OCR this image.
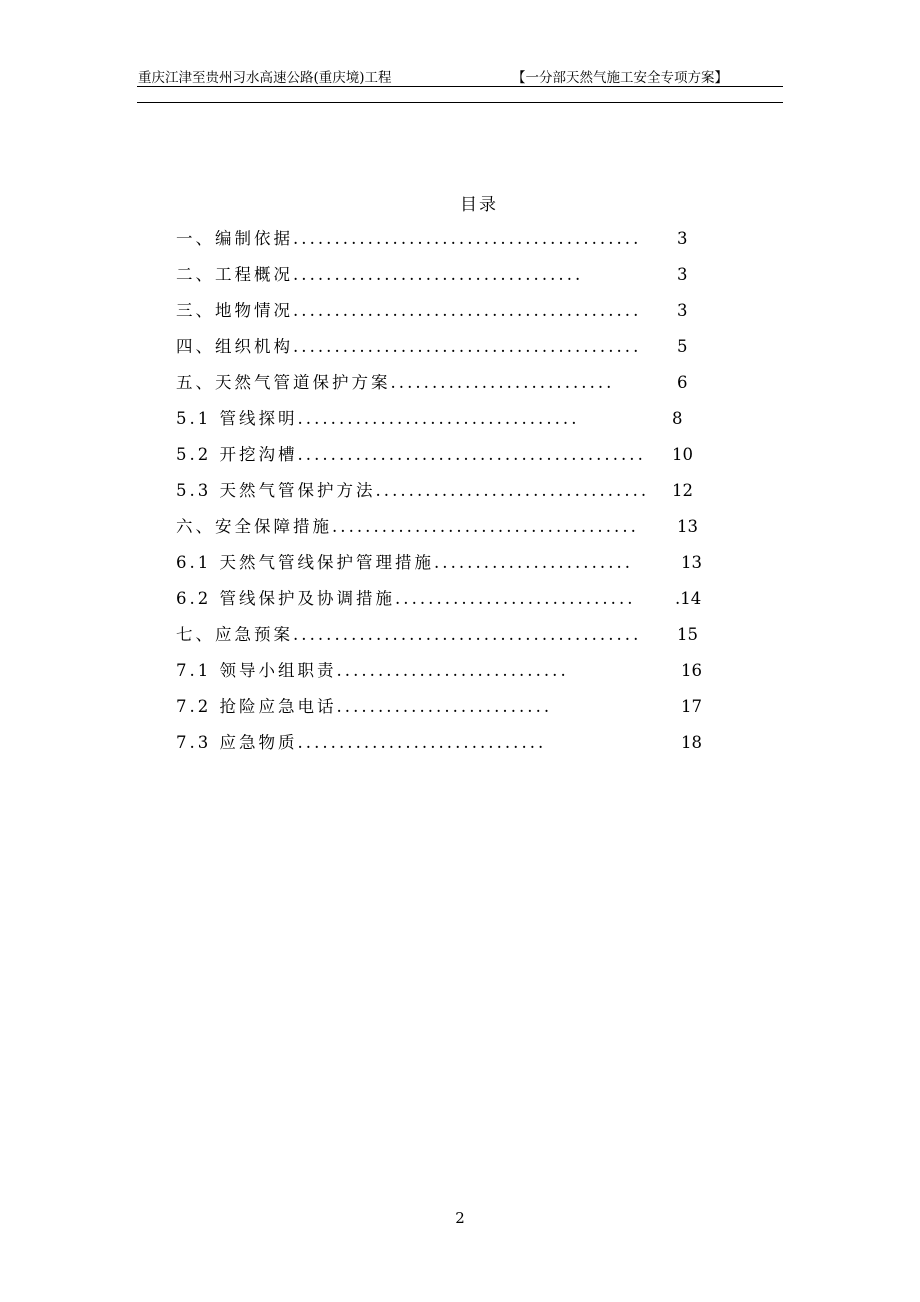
重庆江津至贵州习水高速公路(重庆境)工程	【一分部天然气施工安全专项方案】
目录
一、编制依据.......................................... 3
二、工程概况...................................	3
三、地物情况.......................................... 3
四、组织机构.......................................... 5
五、天然气管道保护方案...........................	6
5.1 管线探明..................................	8
5.2 开挖沟槽.......................................... 10
5.3 天然气管保护方法................................. 12
六、安全保障措施..................................... 13
6.1 天然气管线保护管理措施........................	13
6.2 管线保护及协调措施............................. .14
七、应急预案.......................................... 15
7.1 领导小组职责............................	16
7.2 抢险应急电话..........................	17
7.3 应急物质..............................	18
2
